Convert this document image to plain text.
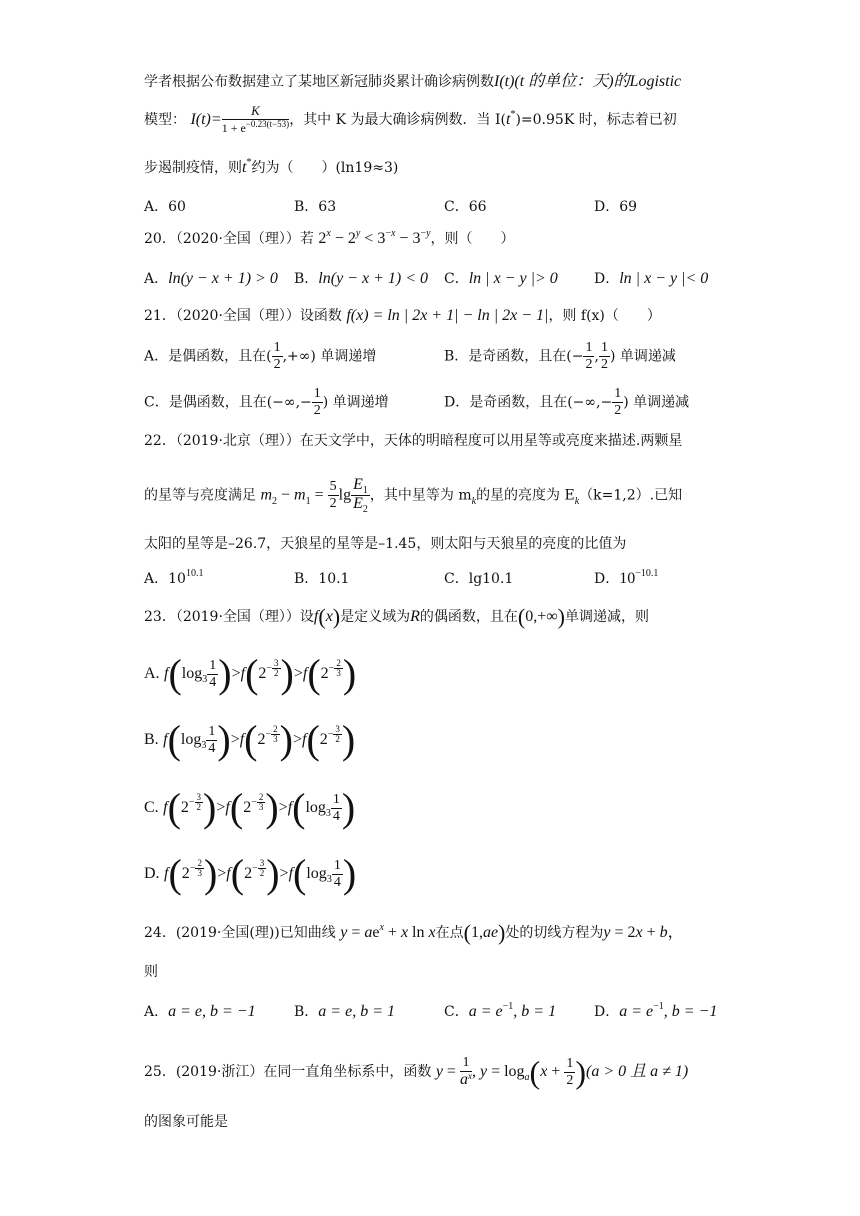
学者根据公布数据建立了某地区新冠肺炎累计确诊病例数I(t)(t 的单位：天)的Logistic
模型： $I(t)= \frac{K}{1 + e^{-0.23(t-53)}}$ ，其中 K 为最大确诊病例数．当 I(t*)=0.95K 时，标志着已初
步遏制疫情，则t*约为（　　）(ln19≈3)
A．60	B．63	C．66	D．69
20．（2020·全国（理））若 $2^x - 2^y < 3^{-x} - 3^{-y}$，则（　　）
A．ln(y − x + 1) > 0 B．ln(y − x + 1) < 0 C．ln | x − y |> 0	D．ln | x − y |< 0
21．（2020·全国（理））设函数 f(x) = ln | 2x + 1| − ln | 2x − 1|，则 f(x)（　　）
A．是偶函数，且在( $\frac{1}{2}$ ,+∞) 单调递增	B．是奇函数，且在(− $\frac{1}{2}$ , $\frac{1}{2}$ ) 单调递减
C．是偶函数，且在(−∞,− $\frac{1}{2}$ ) 单调递增	D．是奇函数，且在(−∞,− $\frac{1}{2}$ ) 单调递减
22．（2019·北京（理））在天文学中，天体的明暗程度可以用星等或亮度来描述.两颗星
的星等与亮度满足 $m_2 - m_1 = \frac{5}{2}$ $\lg \frac{E_1}{E_2}$ ，其中星等为 $m_k$的星的亮度为 $E_k(k=1,2)$.已知
太阳的星等是–26.7，天狼星的星等是–1.45，则太阳与天狼星的亮度的比值为
A．$10^{10.1}$	B．10.1	C．lg10.1	D．$10^{-10.1}$
23．（2019·全国（理））设f(x)是定义域为R的偶函数，且在(0,+∞)单调递减，则
A. $f(\log_3 \frac{1}{4} )>f(2^{- \frac{3}{2}}$ )$>f(2^{- \frac{2}{3}}$ )
B. $f(\log_3 \frac{1}{4} )>f(2^{- \frac{2}{3}}$ )$>f(2^{- \frac{3}{2}}$ )
C. $f(2^{- \frac{3}{2}}$ )$>f(2^{- \frac{2}{3}}$ )$>f(\log_3 \frac{1}{4}$ )
D. $f(2^{- \frac{2}{3}}$ )$>f(2^{- \frac{3}{2}}$ )$>f(\log_3 \frac{1}{4}$ )
24．(2019·全国(理))已知曲线 $y = ae^x + x$ ln x在点(1,ae)处的切线方程为y = 2x + b，
则
A．a = e, b = −1	B．a = e, b = 1	C．$a = e^{-1}$, b = 1	D．$a = e^{-1}$, b = −1
25．(2019·浙江）在同一直角坐标系中，函数 $y = \frac{1}{a^x}$ , $y = \log_a(x + \frac{1}{2} )(a > 0$ 且 a ≠ 1)
的图象可能是
